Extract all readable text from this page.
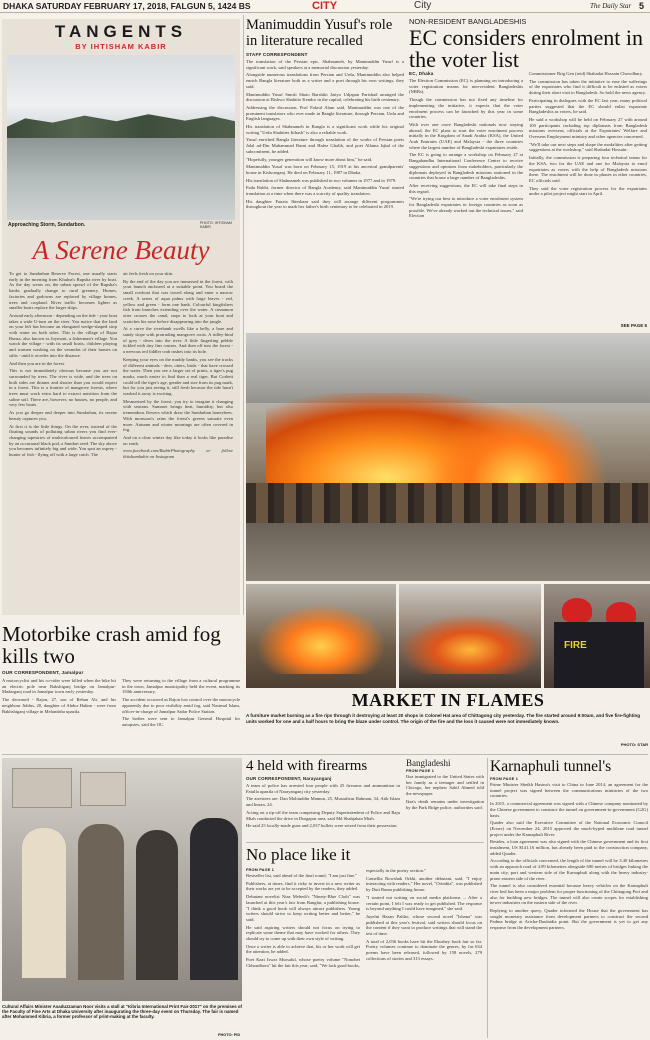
DHAKA SATURDAY FEBRUARY 17, 2018, FALGUN 5, 1424 BS	CITY	City	The Daily Star 5
TANGENTS
BY IHTISHAM KABIR
Approaching Storm, Sundarbon.	PHOTO: IHTISHAM KABIR
A Serene Beauty

To get to Sundarban Reserve Forest, one usually starts early in the morning from Khulna's Rupsha river by boat. As the day wears on, the urban sprawl of the Rupsha's banks gradually change to rural greenery. Homes, factories and godowns are replaced by village homes, trees and cropland. River traffic becomes lighter as smaller boats replace the larger ships.

Around early afternoon - depending on the tide - your boat takes a wide U-turn on the river. You notice that the land on your left has become an elongated wedge-shaped strip with water on both sides. This is the village of Bajua Bunsa, also known as Joymoni, a fisherman's village. You watch the village - with its small boats, children playing and women washing on the verandas of their homes on stilts - until it recedes into the distance.

And then you are in the forest.

This is not immediately obvious because you are not surrounded by trees. The river is wide, and the trees on both sides are thinner and shorter than you would expect in a forest. This is a frontier of mangrove forests, where trees must work extra hard to extract nutrition from the saline soil. There are, however, no houses, no people, and very few boats.

As you go deeper and deeper into Sundarban, its serene beauty captures you.

At first it is the little things. On the river, instead of the floating sounds of polluting urban rivers you find ever-changing tapestries of multicoloured leaves accompanied by an occasional black pod, a Sundari seed. The sky above you becomes infinitely big and wide. You spot an osprey - hunter of fish - flying off with a large catch. The

air feels fresh on your skin.

By the end of the day you are immersed in the forest, with your launch anchored at a suitable point. You board the small rowboat that was towed along and enter a narrow creek. A series of aqua palms with large leaves - red, yellow and green - form one bank. Colourful kingfishers fish from branches extending over the water. A cinnamon otter crosses the canal, stops to look at your boat and scratches his nose before disappearing into the jungle.

At a curve the riverbank swells like a belly, a bare and sandy slope with protruding mangrove roots. A ridley-hind of grey - dives into the river. A little fingerling pebble tickled with tiny fins cruises. And then off into the forest - a nervous red fiddler crab rushes into its hole.

Keeping your eyes on the muddy banks, you see the tracks of different animals - deer, otters, birds - that have crossed the water. Then you see a larger set of prints, a tiger's pug marks, much easier to find than a real tiger. But Corbett could tell the tiger's age, gender and size from its pug mark, but for you just seeing it, still fresh because the tide hasn't washed it away is exciting.

Mesmerised by the forest, you try to imagine it changing with seasons. Summer brings heat, humidity, but also tremendous flowers which draw the Sundarban honeybees. With monsoon's rains the forest's greens saturate even more. Autumn and winter mornings are often covered in fog.

And on a clear winter day like today it looks like paradise on earth.

www.facebook.com/IkabirPhotography or follow ihtishamkabir on Instagram

Manimuddin Yusuf's role in literature recalled
STAFF CORRESPONDENT

The translation of the Persian epic, Shahnameh, by Manimuddin Yusuf is a significant work, said speakers at a memorial discussion yesterday.

Alongside numerous translations from Persian and Urdu, Manimuddin also helped enrich Bangla literature both as a writer and a poet through his own writings, they said.

Manimuddin Yusuf Smriti Shato Barshiki Jatiyo Udjapan Parishad arranged the discussion at Bishwo Shahitto Kendro in the capital, celebrating his birth centenary.

Addressing the discussion, Prof Fakrul Alam said, Manimuddin was one of the prominent translators who ever made in Bangla literature, through Persian, Urdu and English languages.

His translation of Shahnameh in Bangla is a significant work while his original writing "Urdu Shahitter Itihash" is also a reliable work.

Yusuf enriched Bangla literature through translation of the works of Persian poets Jalal ad-Din Muhammad Rumi and Hafez Ghalib, and poet Allama Iqbal of the subcontinent, he added.

"Hopefully, younger generation will know more about him," he said.

Manimuddin Yusuf was born on February 15, 1919 at his ancestral grandparents' house in Kishoreganj. He died on February 11, 1987 in Dhaka.

His translation of Shahnameh was published in two volumes in 1977 and in 1979.

Fada Rabbi, former director of Bangla Academy, said Manimuddin Yusuf started translation at a time when there was a scarcity of quality translators.

His daughter Fauzia Ibtesham said they will arrange different programmes throughout the year to mark her father's birth centenary to be celebrated in 2019.

NON-RESIDENT BANGLADESHIS
EC considers enrolment in the voter list
EC, Dhaka

The Election Commission (EC) is planning on introducing a voter registration means for non-resident Bangladeshis (NRBs).

Though the commission has not fixed any timeline for implementing the initiative, it expects that the voter enrolment process can be launched by this year in some countries.

With over one crore Bangladeshi nationals now staying abroad, the EC plans to start the voter enrolment process initially in the Kingdom of Saudi Arabia (KSA), the United Arab Emirates (UAE) and Malaysia - the three countries where the largest number of Bangladeshi expatriates reside.

The EC is going to arrange a workshop on February 27 at Bangabandhu International Conference Center to receive suggestions and opinions from stakeholders, particularly the diplomats deployed in Bangladesh missions stationed in the countries that house a large number of Bangladeshis.

After receiving suggestions, the EC will take final steps in this regard.

"We're trying our best to introduce a voter enrolment system for Bangladeshi expatriates in foreign countries as soon as possible. We've already worked out the technical issues," said Election

Commissioner Brig Gen (retd) Shahadat Hossain Chowdhury.

The commission has taken the initiative to ease the sufferings of the expatriates who find it difficult to be enlisted as voters during their short visit to Bangladesh. So hold the news agency.

Participating in dialogues with the EC last year, many political parties suggested that the EC should enlist expatriate Bangladeshis as voters, he said.

He said a workshop will be held on February 27 with around 100 participants including top diplomats from Bangladesh missions overseas, officials at the Expatriates' Welfare and Overseas Employment ministry and other agencies concerned.

"We'll take our next steps and shape the modalities after getting suggestions at the workshop," said Shahadat Hossain.

Initially, the commission is preparing four technical teams for the KSA, two for the UAE and one for Malaysia to enrol expatriates as voters with the help of Bangladesh missions there. The enrolment will be done in phases in other countries, EC officials said.

They said the voter registration process for the expatriates under a pilot project might start in April.

SEE PAGE 5
FIRE
MARKET IN FLAMES
A furniture market burning as a fire rips through it destroying at least 20 shops in Colonel Hat area of Chittagong city yesterday. The fire started around 9:00am, and five fire-fighting units worked for one and a half hours to bring the blaze under control. The origin of the fire and the loss it caused were not immediately known.
PHOTO: STAR
Motorbike crash amid fog kills two
OUR CORRESPONDENT, Jamalpur

A motorcyclist and his co-rider were killed when the bike hit an electric pole near Bakshiganj bridge on Jamalpur-Madarganj road in Jamalpur town early yesterday.

The deceased - Rajon, 27, son of Rehan Ali, and his neighbour Jiddus, 20, daughter of Abdur Hakim - were from Bakhshiganj village in Melandaha upazila.

They were returning to the village from a cultural programme in the town, Jamalpur municipality held the event, marking its 150th anniversary.

The accident occurred as Rajon lost control over the motorcycle apparently due to poor visibility amid fog, said Nasimul Islam, officer-in-charge of Jamalpur Sadar Police Station.

The bodies were sent to Jamalpur General Hospital for autopsies, said the OC.

Cultural Affairs Minister Asaduzzaman Noor visits a stall at "Kibria International Print Fair-2017" on the premises of the Faculty of Fine Arts at Dhaka University after inaugurating the three-day event on Thursday. The fair is named after Mohammed Kibria, a former professor of print-making at the faculty.
PHOTO: PID
4 held with firearms
OUR CORRESPONDENT, Narayanganj

A team of police has arrested four people with 25 firearms and ammunition in Fatulla upazila of Narayanganj city yesterday.

The arrestees are: Dan Mohiuddin Mamun, 25, Mustafizur Rahman, 34, Atik Islam and Imran, 24.

Acting on a tip-off the team comprising Deputy Superintendent of Police and Raju Miah conducted the drive in Durgapur area, said Md Shahjahan Miah.

He said 25 locally-made guns and 2,037 bullets were seized from their possession.

Bangladeshi
FROM PAGE 1

Ikra immigrated to the United States with her family as a teenager and settled in Chicago, her nephew Sakif Ahmed told the newspaper.

Ikra's death remains under investigation by the Park Ridge police, authorities said.

No place like it
FROM PAGE 1

Bestseller list, said ahead of the final round, "I am just fine."

Publishers, at times, find it risky to invest in a new writer as their works are yet to be accepted by the readers, they added.

Debutant novelist Niaz Mehedi's "Ninety-Blue Cloth" was launched at this year's fair from Banglar, a publishing house. "I think a good book will always attract publishers. Young writers should strive to keep writing better and better," he said.

He said aspiring writers should not focus on trying to replicate some theme that may have worked for others. They should try to come up with their own style of writing.

Once a writer is able to achieve that, his or her work will get the attention, he added.

Poet Kazi Iswar Mursalul, whose poetry volume "Nonobet Chhondhora" hit the fair this year, said, "We lack good books,

especially in the poetry section."

Camellia Rowshak Orkhi, another debutant, said, "I enjoy interacting with readers," Her novel, "Orindita", was published by Dutt Ruma publishing house.

"I started out writing on social media platforms ... After a certain point, I felt I was ready to get published. The response is beyond anything I could have imagined," she said.

Juyelni Hasan Paltho, whose second novel "Ishana" was published at this year's festival, said writers should focus on the content if they want to produce writings that will stand the test of time.

A total of 2,036 books have hit the Ekushey book fair so far. Poetry volumes continue to dominate the genres, by far 634 poems have been released, followed by 158 novels, 279 collections of stories and 313 essays.

Karnaphuli tunnel's
FROM PAGE 1

Prime Minister Sheikh Hasina's visit to China in June 2014, an agreement for the tunnel project was signed between the communications ministries of the two countries.

In 2015, a commercial agreement was signed with a Chinese company nominated by the Chinese government to construct the tunnel on government-to-government (G2G) basis.

Quader also said the Executive Committee of the National Economic Council (Ecnec) on November 24, 2015 approved the much-hyped multilane road tunnel project under the Karnaphuli River.

Besides, a loan agreement was also signed with the Chinese government and its first instalment, US $141.16 million, has already been paid to the construction company, added Quader.

According to the officials concerned, the length of the tunnel will be 3.40 kilometres with an approach road of 4.89 kilometres alongside 600 metres of bridges linking the main city, port and western side of the Karnaphuli along with the heavy industry-prone eastern side of the river.

The tunnel is also considered essential because heavy vehicles on the Karnaphuli river bed has been a major problem for proper functioning of the Chittagong Port and also for building new bridges. The tunnel will also create scopes for establishing newer industries on the eastern side of the river.

Replying to another query, Quader informed the House that the government has sought monetary assistance from development partners to construct the second Padma bridge at Aricha-Daulatdia point. But the government is yet to get any response from the development partners.
